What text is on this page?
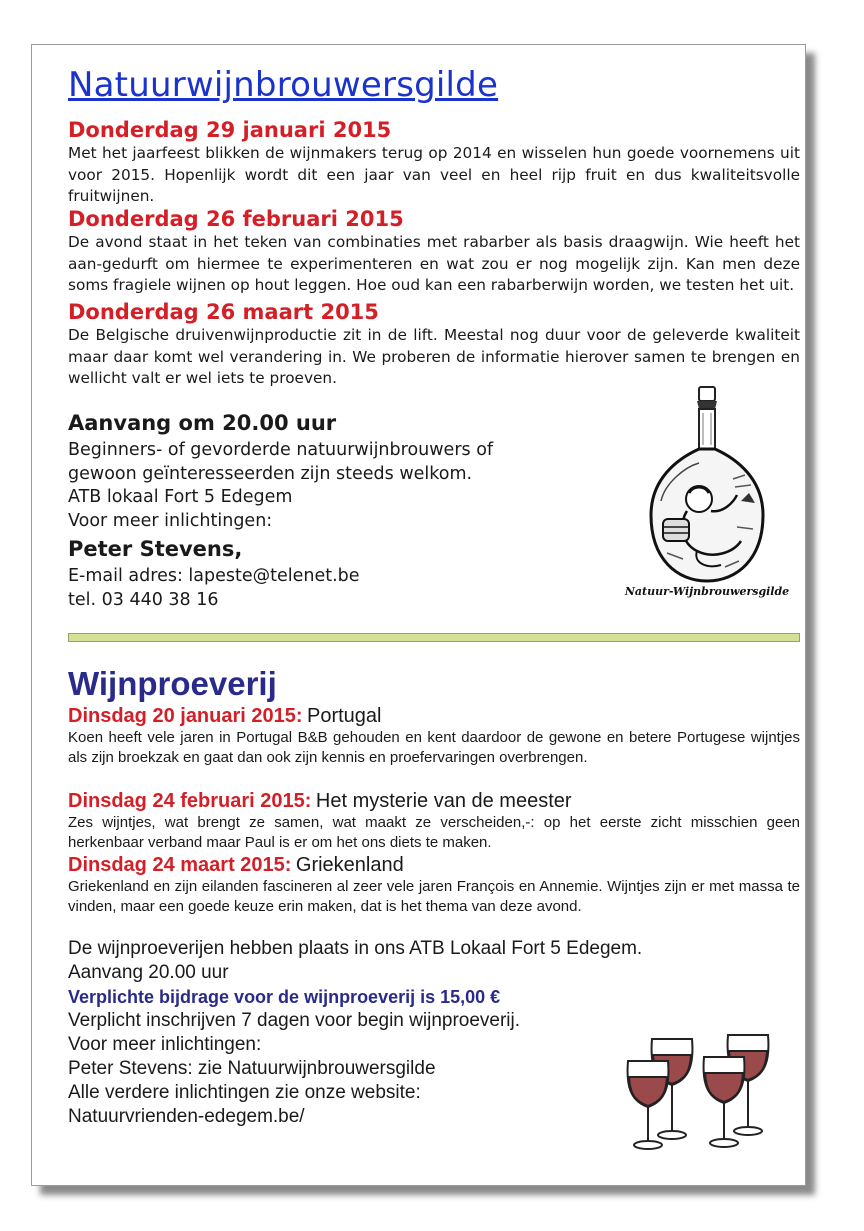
Natuurwijnbrouwersgilde
Donderdag 29 januari 2015
Met het jaarfeest blikken de wijnmakers terug op 2014 en wisselen hun goede voornemens uit voor 2015. Hopenlijk wordt dit een jaar van veel en heel rijp fruit en dus kwaliteitsvolle fruitwijnen.
Donderdag 26 februari 2015
De avond staat in het teken van combinaties met rabarber als basis draagwijn. Wie heeft het aan-gedurft om hiermee te experimenteren en wat zou er nog mogelijk zijn. Kan men deze soms fragiele wijnen op hout leggen. Hoe oud kan een rabarberwijn worden, we testen het uit.
Donderdag 26 maart 2015
De Belgische druivenwijnproductie zit in de lift. Meestal nog duur voor de geleverde kwaliteit maar daar komt wel verandering in. We proberen de informatie hierover samen te brengen en wellicht valt er wel iets te proeven.
Aanvang om 20.00 uur
Beginners- of gevorderde natuurwijnbrouwers of
gewoon geïnteresseerden zijn steeds welkom.
ATB lokaal Fort 5 Edegem
Voor meer inlichtingen:
Peter Stevens,
E-mail adres: lapeste@telenet.be
tel. 03 440 38 16	Natuur-Wijnbrouwersgilde
Wijnproeverij
Dinsdag 20 januari 2015: Portugal
Koen heeft vele jaren in Portugal B&B gehouden en kent daardoor de gewone en betere Portugese wijntjes als zijn broekzak en gaat dan ook zijn kennis en proefervaringen overbrengen.
Dinsdag 24 februari 2015: Het mysterie van de meester
Zes wijntjes, wat brengt ze samen, wat maakt ze verscheiden,-: op het eerste zicht misschien geen herkenbaar verband maar Paul is er om het ons diets te maken.
Dinsdag 24 maart 2015: Griekenland
Griekenland en zijn eilanden fascineren al zeer vele jaren François en Annemie. Wijntjes zijn er met massa te vinden, maar een goede keuze erin maken, dat is het thema van deze avond.
De wijnproeverijen hebben plaats in ons ATB Lokaal Fort 5 Edegem.
Aanvang 20.00 uur
Verplichte bijdrage voor de wijnproeverij is 15,00 €
Verplicht inschrijven 7 dagen voor begin wijnproeverij.
Voor meer inlichtingen:
Peter Stevens: zie Natuurwijnbrouwersgilde
Alle verdere inlichtingen zie onze website:
Natuurvrienden-edegem.be/
